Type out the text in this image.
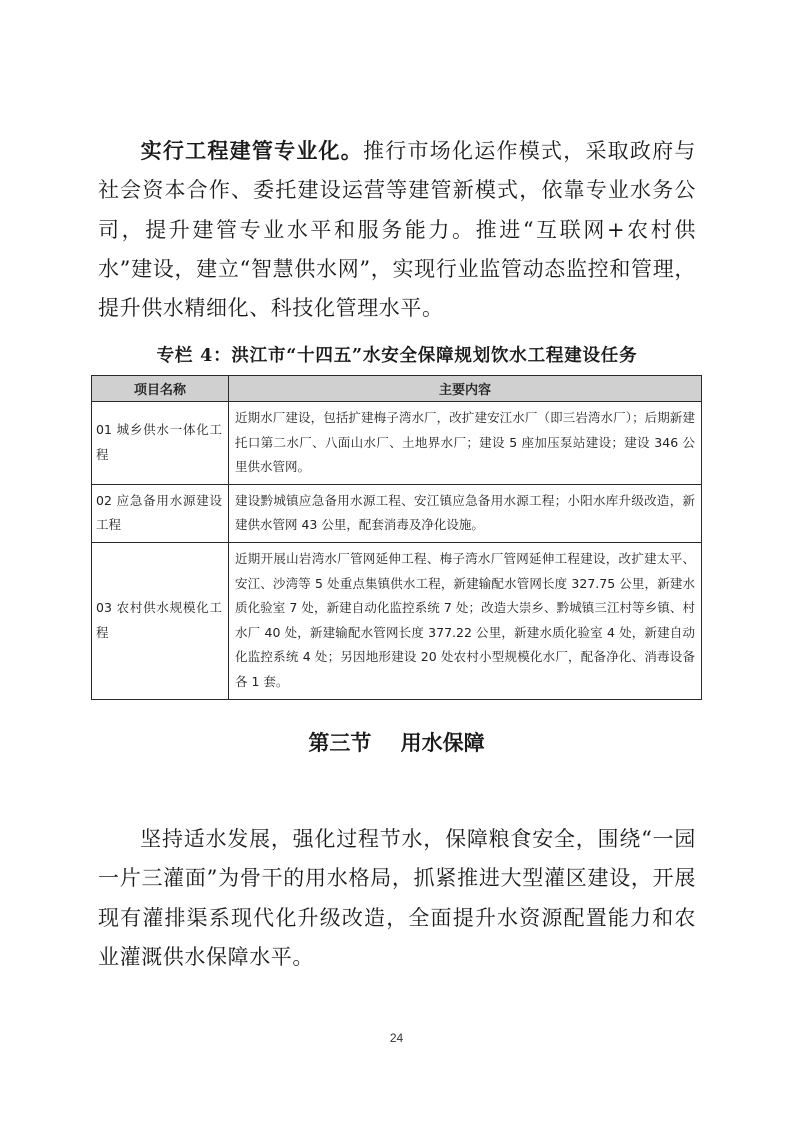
实行工程建管专业化。推行市场化运作模式，采取政府与社会资本合作、委托建设运营等建管新模式，依靠专业水务公司，提升建管专业水平和服务能力。推进“互联网+农村供水”建设，建立“智慧供水网”，实现行业监管动态监控和管理，提升供水精细化、科技化管理水平。

专栏 4：洪江市“十四五”水安全保障规划饮水工程建设任务
项目名称	主要内容
01 城乡供水一体化工程	近期水厂建设，包括扩建梅子湾水厂，改扩建安江水厂（即三岩湾水厂）；后期新建托口第二水厂、八面山水厂、土地界水厂；建设 5 座加压泵站建设；建设 346 公里供水管网。
02 应急备用水源建设工程	建设黔城镇应急备用水源工程、安江镇应急备用水源工程；小阳水库升级改造，新建供水管网 43 公里，配套消毒及净化设施。
03 农村供水规模化工程	近期开展山岩湾水厂管网延伸工程、梅子湾水厂管网延伸工程建设，改扩建太平、安江、沙湾等 5 处重点集镇供水工程，新建输配水管网长度 327.75 公里，新建水质化验室 7 处，新建自动化监控系统 7 处；改造大崇乡、黔城镇三江村等乡镇、村水厂 40 处，新建输配水管网长度 377.22 公里，新建水质化验室 4 处，新建自动化监控系统 4 处；另因地形建设 20 处农村小型规模化水厂，配备净化、消毒设备各 1 套。
第三节    用水保障

坚持适水发展，强化过程节水，保障粮食安全，围绕“一园一片三灌面”为骨干的用水格局，抓紧推进大型灌区建设，开展现有灌排渠系现代化升级改造，全面提升水资源配置能力和农业灌溉供水保障水平。

24
